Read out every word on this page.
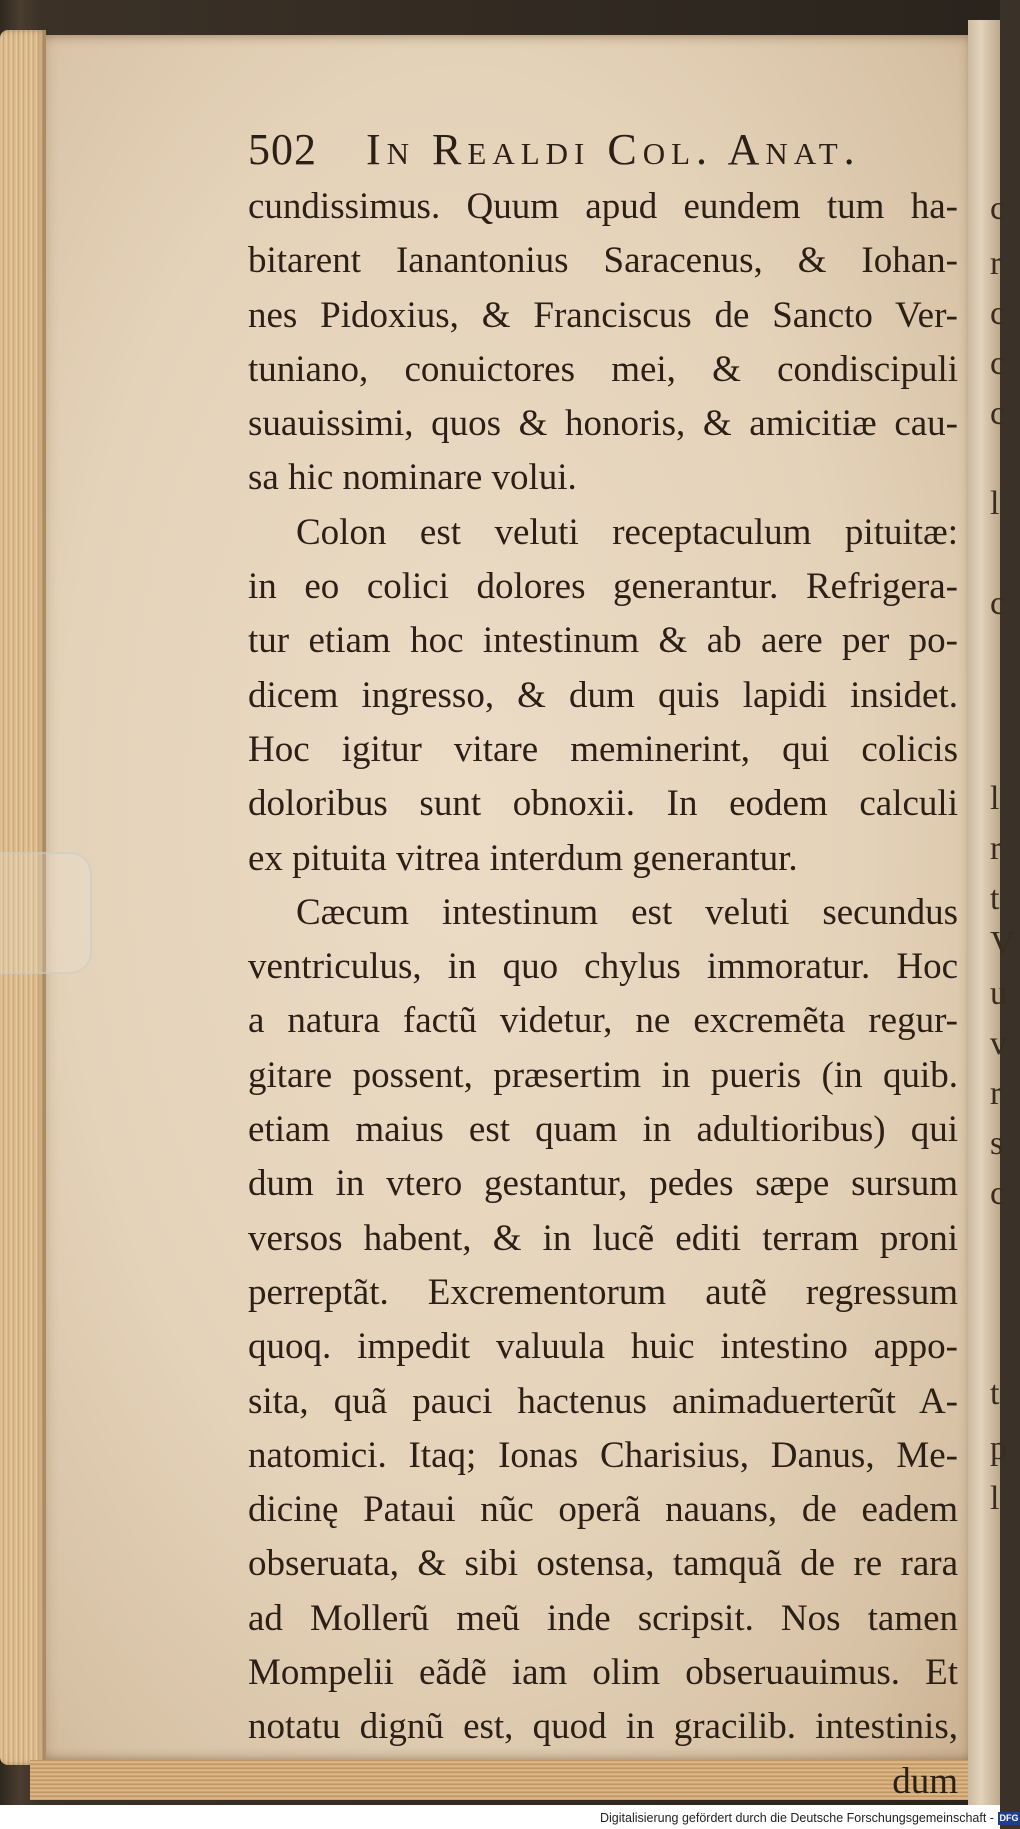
c
r
c
c
c
l
c
l
r
t
V
u
v
r
s
c
t
p
l
502 In Realdi Col. Anat.
cundissimus. Quum apud eundem tum ha-
bitarent Ianantonius Saracenus, & Iohan-
nes Pidoxius, & Franciscus de Sancto Ver-
tuniano, conuictores mei, & condiscipuli
suauissimi, quos & honoris, & amicitiæ cau-
sa hic nominare volui.
Colon est veluti receptaculum pituitæ:
in eo colici dolores generantur. Refrigera-
tur etiam hoc intestinum & ab aere per po-
dicem ingresso, & dum quis lapidi insidet.
Hoc igitur vitare meminerint, qui colicis
doloribus sunt obnoxii. In eodem calculi
ex pituita vitrea interdum generantur.
Cæcum intestinum est veluti secundus
ventriculus, in quo chylus immoratur. Hoc
a natura factũ videtur, ne excremẽta regur-
gitare possent, præsertim in pueris (in quib.
etiam maius est quam in adultioribus) qui
dum in vtero gestantur, pedes sæpe sursum
versos habent, & in lucẽ editi terram proni
perreptãt. Excrementorum autẽ regressum
quoq. impedit valuula huic intestino appo-
sita, quã pauci hactenus animaduerterũt A-
natomici. Itaq; Ionas Charisius, Danus, Me-
dicinę Pataui nũc operã nauans, de eadem
obseruata, & sibi ostensa, tamquã de re rara
ad Mollerũ meũ inde scripsit. Nos tamen
Mompelii eãdẽ iam olim obseruauimus. Et
notatu dignũ est, quod in gracilib. intestinis,
dum
Digitalisierung gefördert durch die Deutsche Forschungsgemeinschaft - DFG
